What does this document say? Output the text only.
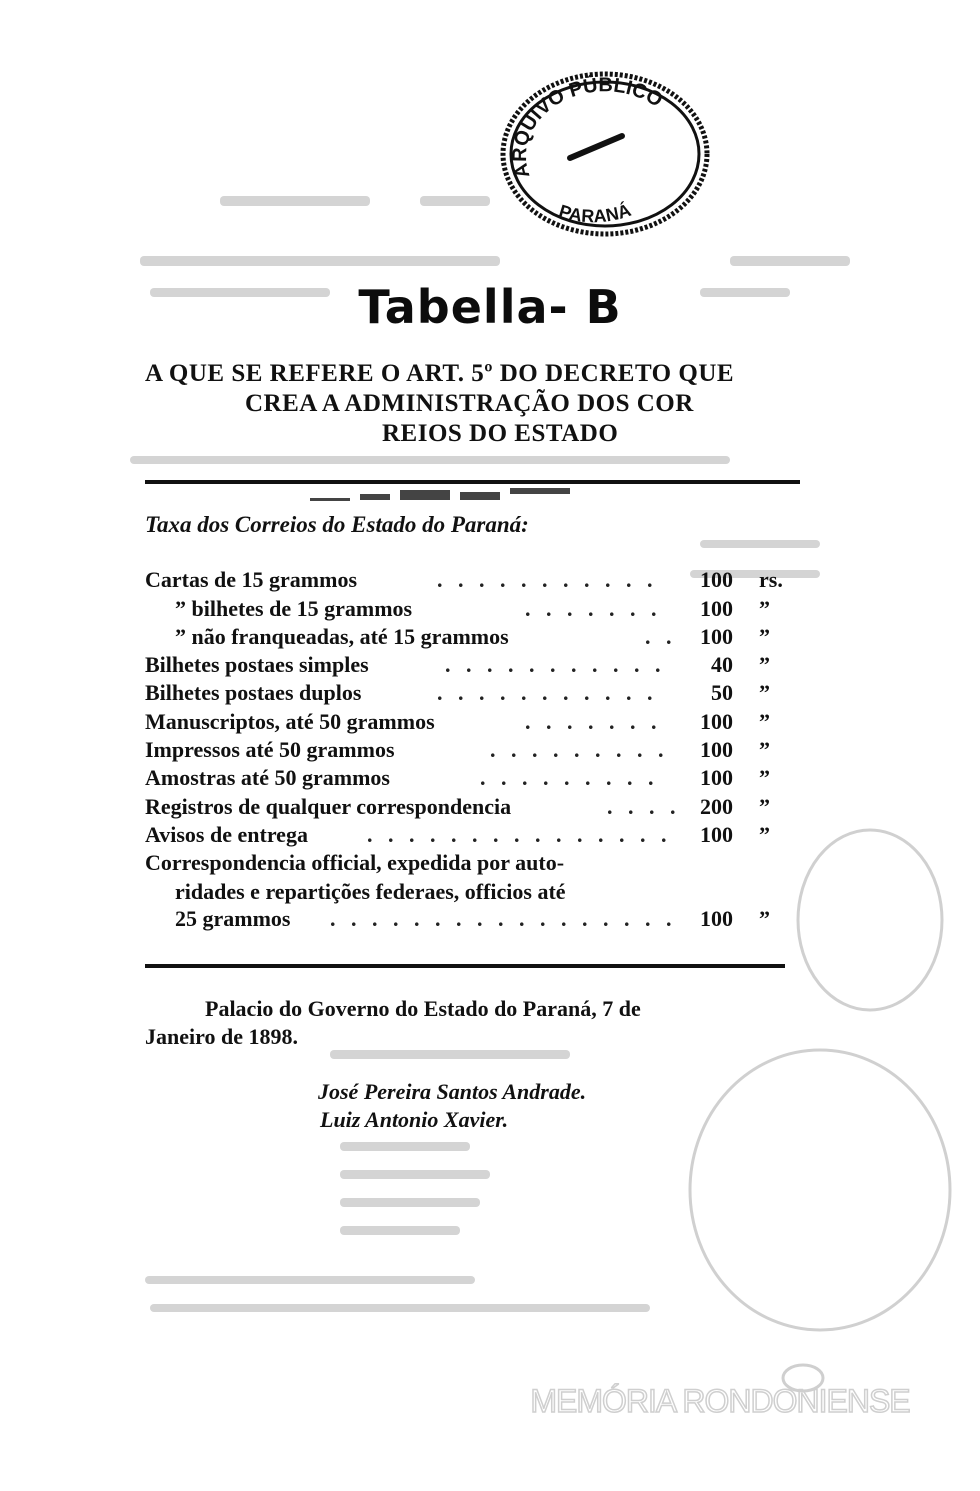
ARQUIVO PÚBLICO
PARANÁ
Tabella- B
A QUE SE REFERE O ART. 5º DO DECRETO QUE
CREA A ADMINISTRAÇÃO DOS COR
REIOS DO ESTADO
Taxa dos Correios do Estado do Paraná:
Cartas de 15 grammos	. . . . . . . . . . . 100 rs.
” bilhetes de 15 grammos	. . . . . . . 100 ”
” não franqueadas, até 15 grammos	. . 100 ”
Bilhetes postaes simples	. . . . . . . . . . . 40 ”
Bilhetes postaes duplos	. . . . . . . . . . . 50 ”
Manuscriptos, até 50 grammos	. . . . . . . 100 ”
Impressos até 50 grammos	. . . . . . . . . 100 ”
Amostras até 50 grammos	. . . . . . . . . 100 ”
Registros de qualquer correspondencia	. . . . 200 ”
Avisos de entrega	. . . . . . . . . . . . . . . 100 ”
Correspondencia official, expedida por auto-
ridades e repartições federaes, officios até
25 grammos . . . . . . . . . . . . . . . . . 100 ”
Palacio do Governo do Estado do Paraná, 7 de
Janeiro de 1898.
José Pereira Santos Andrade.
Luiz Antonio Xavier.
MEMÓRIA RONDONIENSE
